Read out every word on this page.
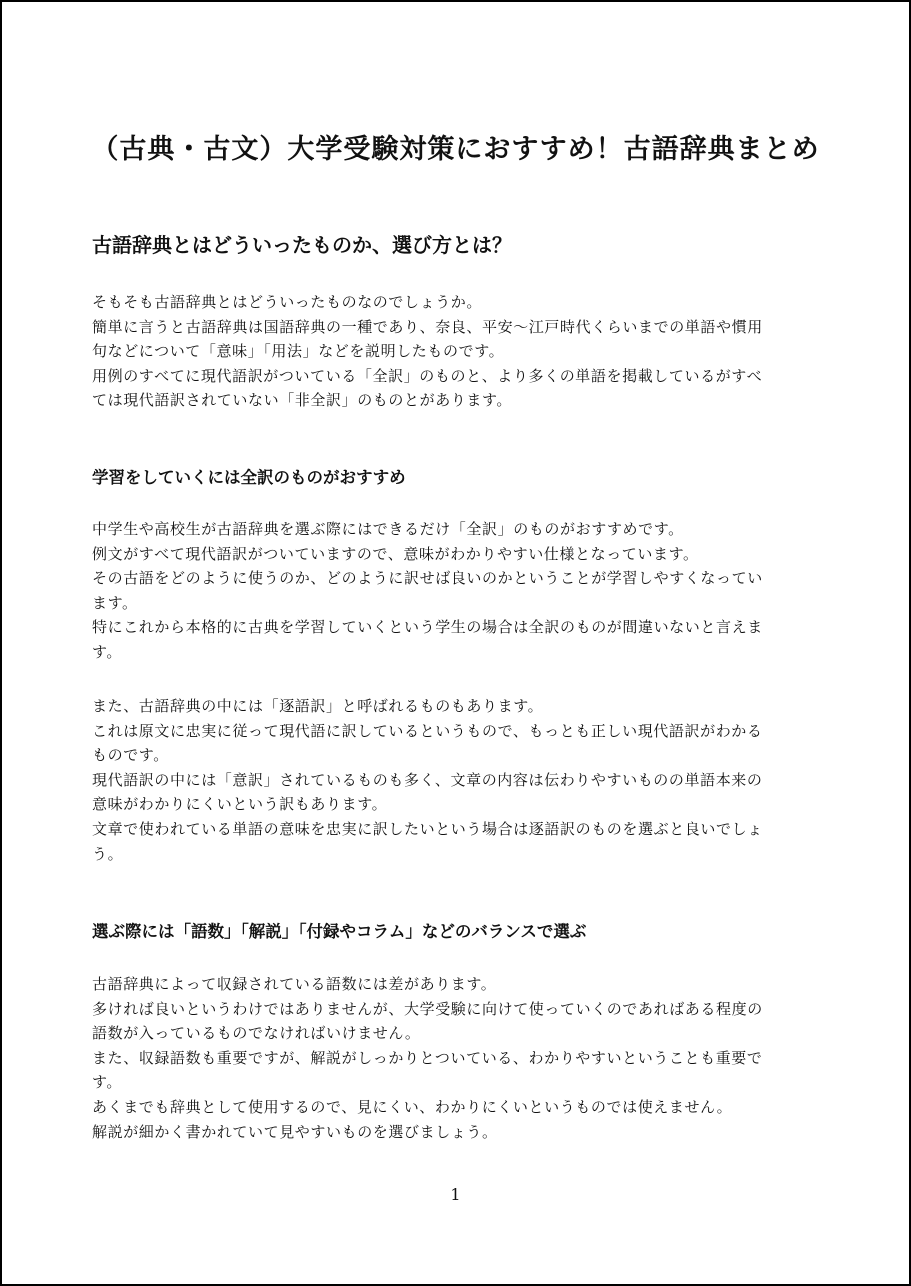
（古典・古文）大学受験対策におすすめ！古語辞典まとめ
古語辞典とはどういったものか、選び方とは？
そもそも古語辞典とはどういったものなのでしょうか。
簡単に言うと古語辞典は国語辞典の一種であり、奈良、平安～江戸時代くらいまでの単語や慣用
句などについて「意味」「用法」などを説明したものです。
用例のすべてに現代語訳がついている「全訳」のものと、より多くの単語を掲載しているがすべ
ては現代語訳されていない「非全訳」のものとがあります。
学習をしていくには全訳のものがおすすめ
中学生や高校生が古語辞典を選ぶ際にはできるだけ「全訳」のものがおすすめです。
例文がすべて現代語訳がついていますので、意味がわかりやすい仕様となっています。
その古語をどのように使うのか、どのように訳せば良いのかということが学習しやすくなってい
ます。
特にこれから本格的に古典を学習していくという学生の場合は全訳のものが間違いないと言えま
す。
また、古語辞典の中には「逐語訳」と呼ばれるものもあります。
これは原文に忠実に従って現代語に訳しているというもので、もっとも正しい現代語訳がわかる
ものです。
現代語訳の中には「意訳」されているものも多く、文章の内容は伝わりやすいものの単語本来の
意味がわかりにくいという訳もあります。
文章で使われている単語の意味を忠実に訳したいという場合は逐語訳のものを選ぶと良いでしょ
う。
選ぶ際には「語数」「解説」「付録やコラム」などのバランスで選ぶ
古語辞典によって収録されている語数には差があります。
多ければ良いというわけではありませんが、大学受験に向けて使っていくのであればある程度の
語数が入っているものでなければいけません。
また、収録語数も重要ですが、解説がしっかりとついている、わかりやすいということも重要で
す。
あくまでも辞典として使用するので、見にくい、わかりにくいというものでは使えません。
解説が細かく書かれていて見やすいものを選びましょう。
1
